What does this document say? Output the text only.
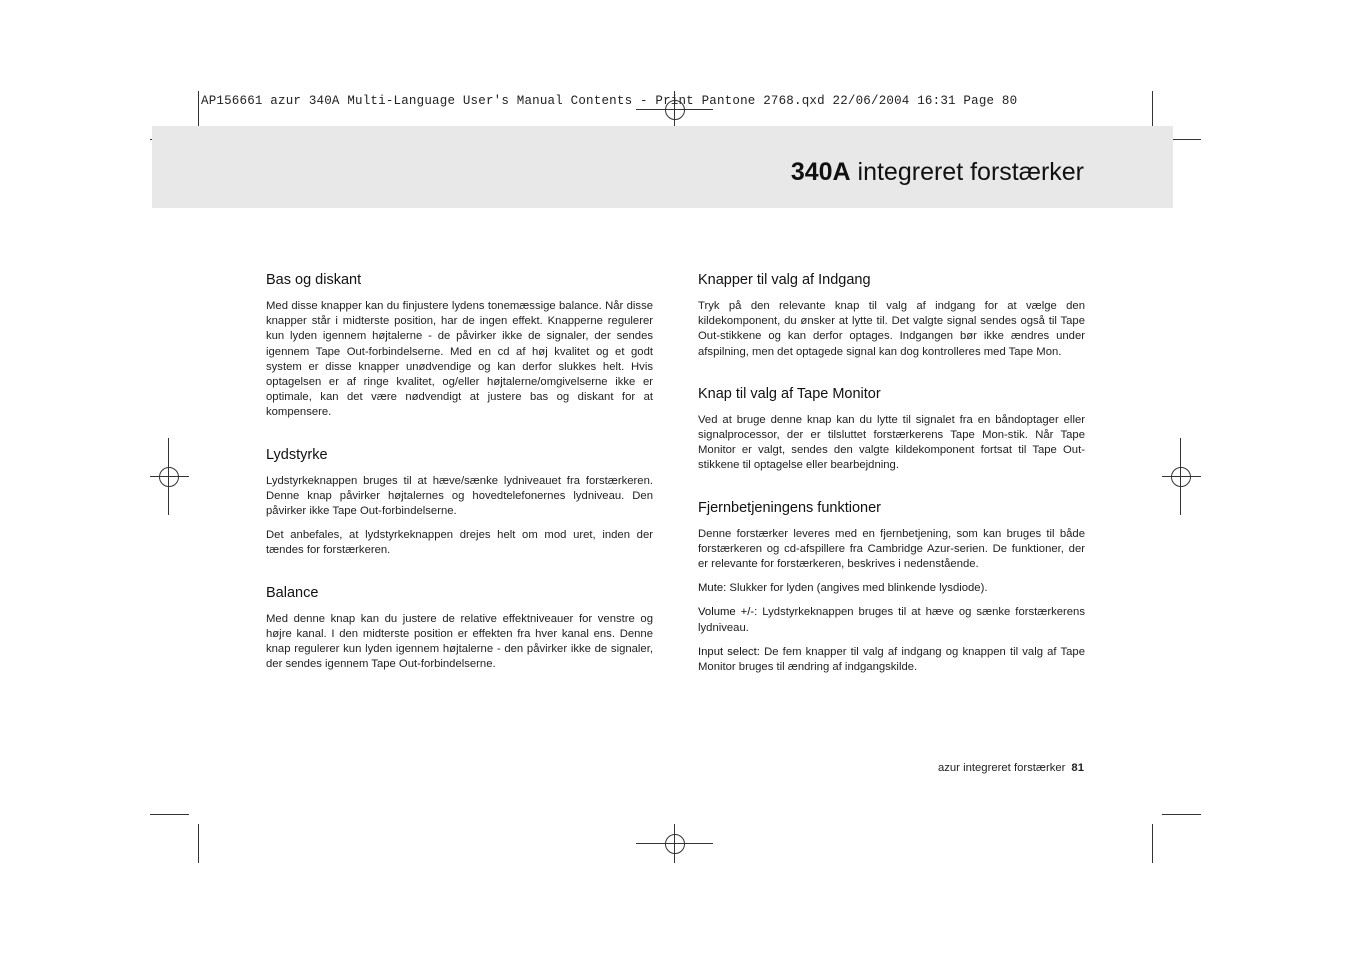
AP156661 azur 340A Multi-Language User's Manual Contents - Print Pantone 2768.qxd 22/06/2004 16:31 Page 80
340A integreret forstærker
Bas og diskant

Med disse knapper kan du finjustere lydens tonemæssige balance. Når disse knapper står i midterste position, har de ingen effekt. Knapperne regulerer kun lyden igennem højtalerne - de påvirker ikke de signaler, der sendes igennem Tape Out-forbindelserne. Med en cd af høj kvalitet og et godt system er disse knapper unødvendige og kan derfor slukkes helt. Hvis optagelsen er af ringe kvalitet, og/eller højtalerne/omgivelserne ikke er optimale, kan det være nødvendigt at justere bas og diskant for at kompensere.

Lydstyrke

Lydstyrkeknappen bruges til at hæve/sænke lydniveauet fra forstærkeren. Denne knap påvirker højtalernes og hovedtelefonernes lydniveau. Den påvirker ikke Tape Out-forbindelserne.

Det anbefales, at lydstyrkeknappen drejes helt om mod uret, inden der tændes for forstærkeren.

Balance

Med denne knap kan du justere de relative effektniveauer for venstre og højre kanal. I den midterste position er effekten fra hver kanal ens. Denne knap regulerer kun lyden igennem højtalerne - den påvirker ikke de signaler, der sendes igennem Tape Out-forbindelserne.

Knapper til valg af Indgang

Tryk på den relevante knap til valg af indgang for at vælge den kildekomponent, du ønsker at lytte til. Det valgte signal sendes også til Tape Out-stikkene og kan derfor optages. Indgangen bør ikke ændres under afspilning, men det optagede signal kan dog kontrolleres med Tape Mon.

Knap til valg af Tape Monitor

Ved at bruge denne knap kan du lytte til signalet fra en båndoptager eller signalprocessor, der er tilsluttet forstærkerens Tape Mon-stik. Når Tape Monitor er valgt, sendes den valgte kildekomponent fortsat til Tape Out-stikkene til optagelse eller bearbejdning.

Fjernbetjeningens funktioner

Denne forstærker leveres med en fjernbetjening, som kan bruges til både forstærkeren og cd-afspillere fra Cambridge Azur-serien. De funktioner, der er relevante for forstærkeren, beskrives i nedenstående.

Mute: Slukker for lyden (angives med blinkende lysdiode).

Volume +/-: Lydstyrkeknappen bruges til at hæve og sænke forstærkerens lydniveau.

Input select: De fem knapper til valg af indgang og knappen til valg af Tape Monitor bruges til ændring af indgangskilde.

azur integreret forstærker 81
